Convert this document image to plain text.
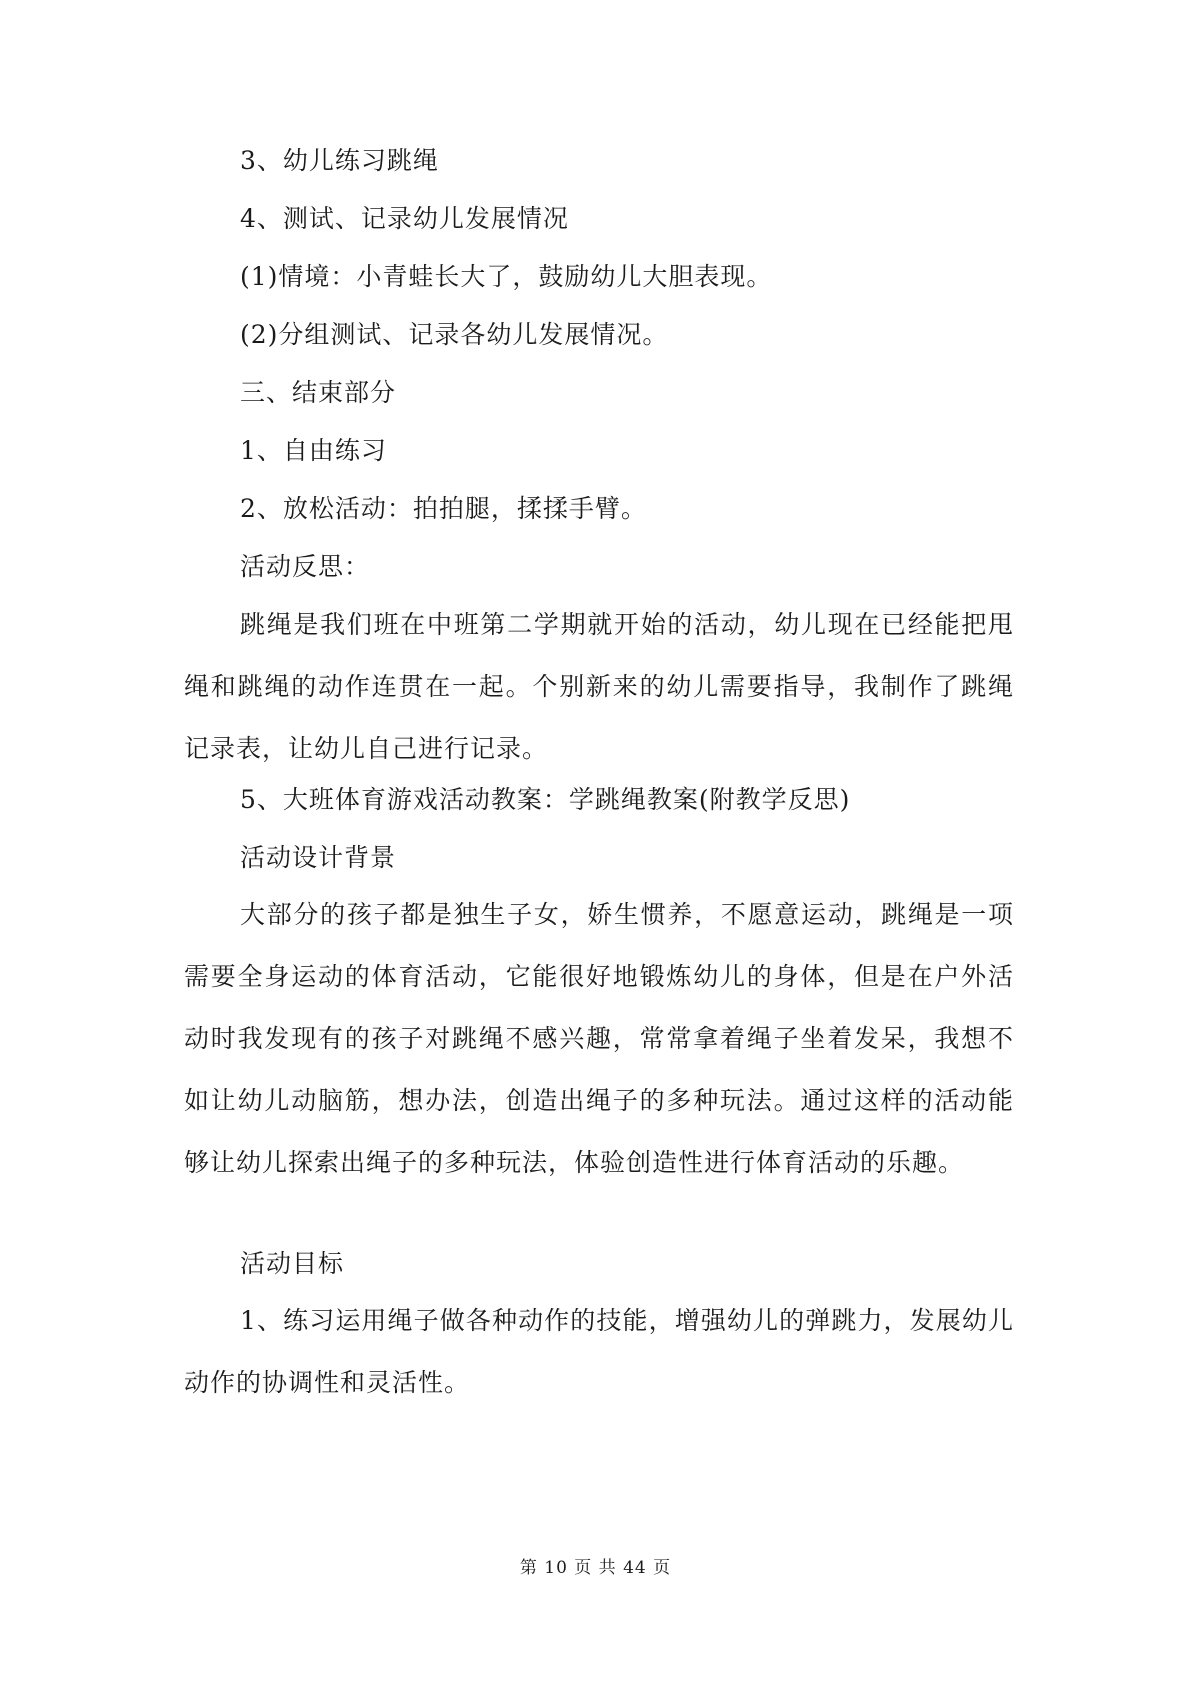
3、幼儿练习跳绳
4、测试、记录幼儿发展情况
(1)情境：小青蛙长大了，鼓励幼儿大胆表现。
(2)分组测试、记录各幼儿发展情况。
三、结束部分
1、自由练习
2、放松活动：拍拍腿，揉揉手臂。
活动反思：
跳绳是我们班在中班第二学期就开始的活动，幼儿现在已经能把甩绳和跳绳的动作连贯在一起。个别新来的幼儿需要指导，我制作了跳绳记录表，让幼儿自己进行记录。
5、大班体育游戏活动教案：学跳绳教案(附教学反思)
活动设计背景
大部分的孩子都是独生子女，娇生惯养，不愿意运动，跳绳是一项需要全身运动的体育活动，它能很好地锻炼幼儿的身体，但是在户外活动时我发现有的孩子对跳绳不感兴趣，常常拿着绳子坐着发呆，我想不如让幼儿动脑筋，想办法，创造出绳子的多种玩法。通过这样的活动能够让幼儿探索出绳子的多种玩法，体验创造性进行体育活动的乐趣。
活动目标
1、练习运用绳子做各种动作的技能，增强幼儿的弹跳力，发展幼儿动作的协调性和灵活性。
第 10 页 共 44 页
